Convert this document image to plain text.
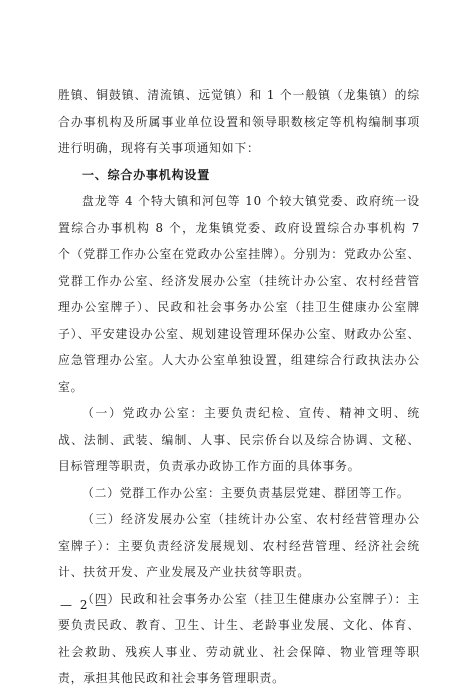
胜镇、铜鼓镇、清流镇、远觉镇）和 1 个一般镇（龙集镇）的综合办事机构及所属事业单位设置和领导职数核定等机构编制事项进行明确，现将有关事项通知如下：

一、综合办事机构设置

盘龙等 4 个特大镇和河包等 10 个较大镇党委、政府统一设置综合办事机构 8 个，龙集镇党委、政府设置综合办事机构 7 个（党群工作办公室在党政办公室挂牌）。分别为：党政办公室、党群工作办公室、经济发展办公室（挂统计办公室、农村经营管理办公室牌子）、民政和社会事务办公室（挂卫生健康办公室牌子）、平安建设办公室、规划建设管理环保办公室、财政办公室、应急管理办公室。人大办公室单独设置，组建综合行政执法办公室。

（一）党政办公室：主要负责纪检、宣传、精神文明、统战、法制、武装、编制、人事、民宗侨台以及综合协调、文秘、目标管理等职责，负责承办政协工作方面的具体事务。

（二）党群工作办公室：主要负责基层党建、群团等工作。

（三）经济发展办公室（挂统计办公室、农村经营管理办公室牌子）：主要负责经济发展规划、农村经营管理、经济社会统计、扶贫开发、产业发展及产业扶贫等职责。

（四）民政和社会事务办公室（挂卫生健康办公室牌子）：主要负责民政、教育、卫生、计生、老龄事业发展、文化、体育、社会救助、残疾人事业、劳动就业、社会保障、物业管理等职责，承担其他民政和社会事务管理职责。

— 2 —
